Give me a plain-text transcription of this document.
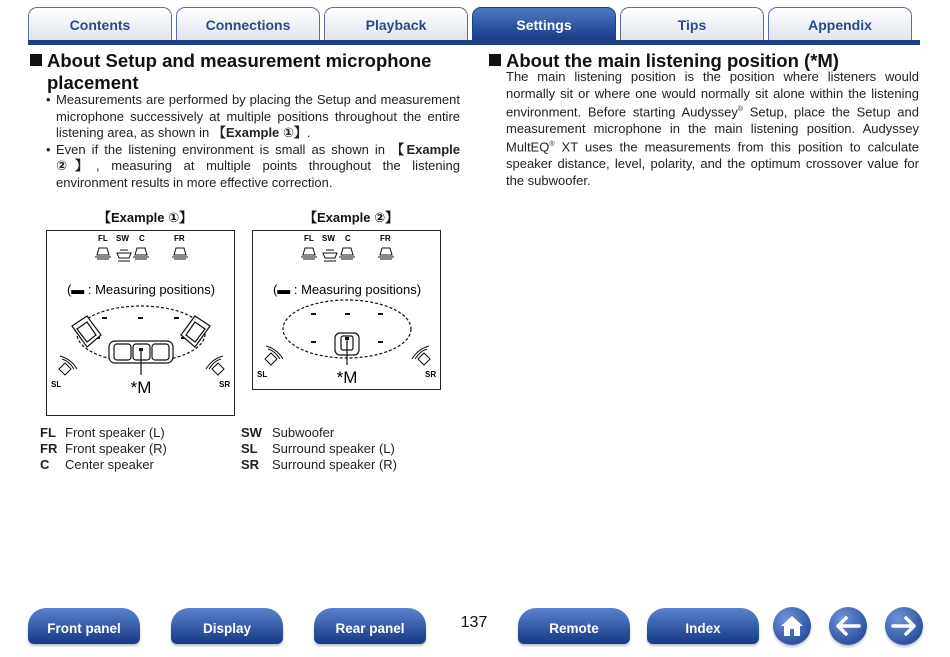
Contents	Connections	Playback	Settings	Tips	Appendix
About Setup and measurement microphone
placement
• Measurements are performed by placing the Setup and measurement microphone successively at multiple positions throughout the entire listening area, as shown in 【Example ①】.
• Even if the listening environment is small as shown in 【Example ②】, measuring at multiple points throughout the listening environment results in more effective correction.
【Example ①】
FL SW C	FR
(▬ : Measuring positions)
*M
SL	SR
【Example ②】
FL SW C	FR
(▬ : Measuring positions)
*M
SL	SR
FL Front speaker (L)
FR Front speaker (R)
C	Center speaker
SW Subwoofer
SL	Surround speaker (L)
SR Surround speaker (R)
About the main listening position (*M)

The main listening position is the position where listeners would normally sit or where one would normally sit alone within the listening environment. Before starting Audyssey® Setup, place the Setup and measurement microphone in the main listening position. Audyssey MultEQ® XT uses the measurements from this position to calculate speaker distance, level, polarity, and the optimum crossover value for the subwoofer.

Front panel	Display	Rear panel	137	Remote	Index
